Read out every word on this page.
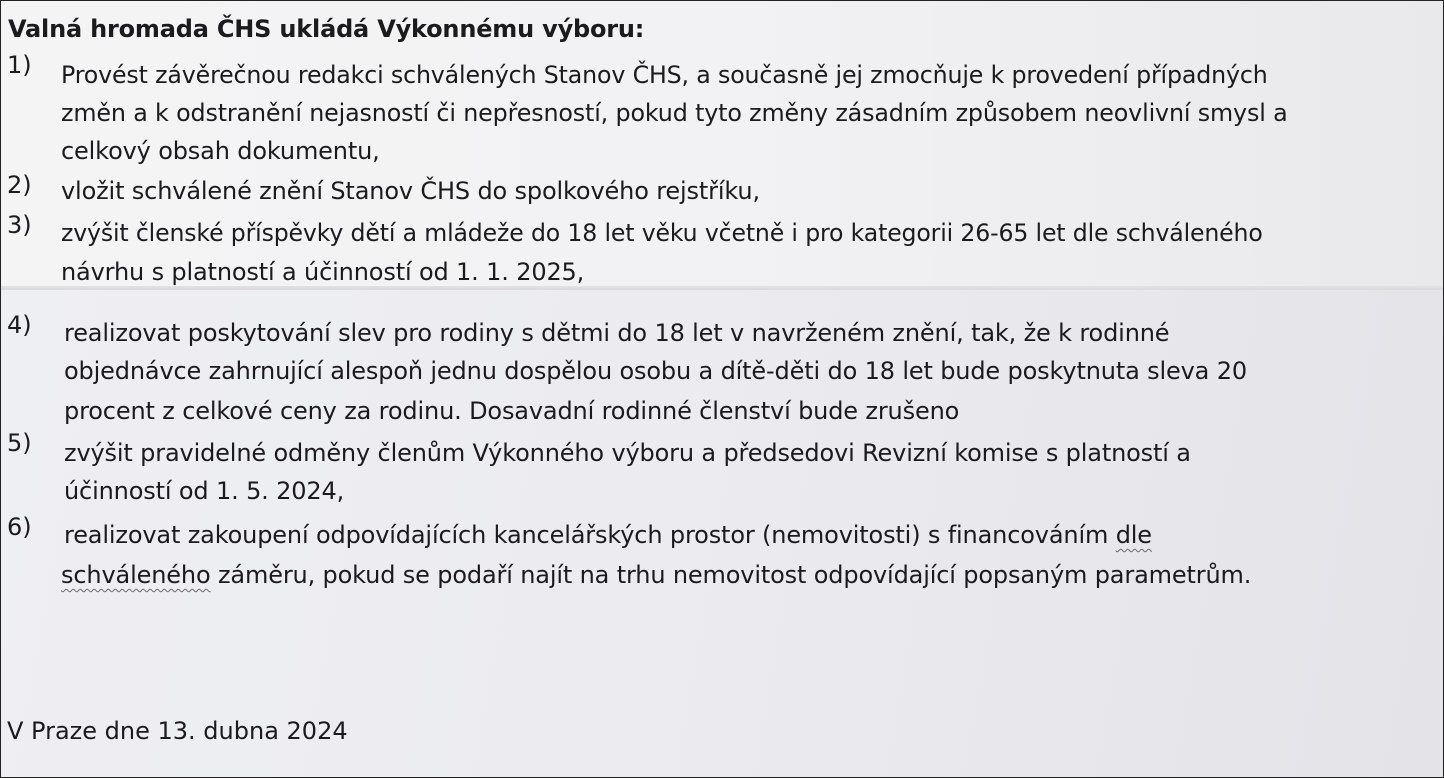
Valná hromada ČHS ukládá Výkonnému výboru:
1) Provést závěrečnou redakci schválených Stanov ČHS, a současně jej zmocňuje k provedení případných
změn a k odstranění nejasností či nepřesností, pokud tyto změny zásadním způsobem neovlivní smysl a
celkový obsah dokumentu,
2) vložit schválené znění Stanov ČHS do spolkového rejstříku,
3) zvýšit členské příspěvky dětí a mládeže do 18 let věku včetně i pro kategorii 26-65 let dle schváleného
návrhu s platností a účinností od 1. 1. 2025,
4) realizovat poskytování slev pro rodiny s dětmi do 18 let v navrženém znění, tak, že k rodinné
objednávce zahrnující alespoň jednu dospělou osobu a dítě-děti do 18 let bude poskytnuta sleva 20
procent z celkové ceny za rodinu. Dosavadní rodinné členství bude zrušeno
5) zvýšit pravidelné odměny členům Výkonného výboru a předsedovi Revizní komise s platností a
účinností od 1. 5. 2024,
6) realizovat zakoupení odpovídajících kancelářských prostor (nemovitosti) s financováním dle
schváleného záměru, pokud se podaří najít na trhu nemovitost odpovídající popsaným parametrům.
V Praze dne 13. dubna 2024
